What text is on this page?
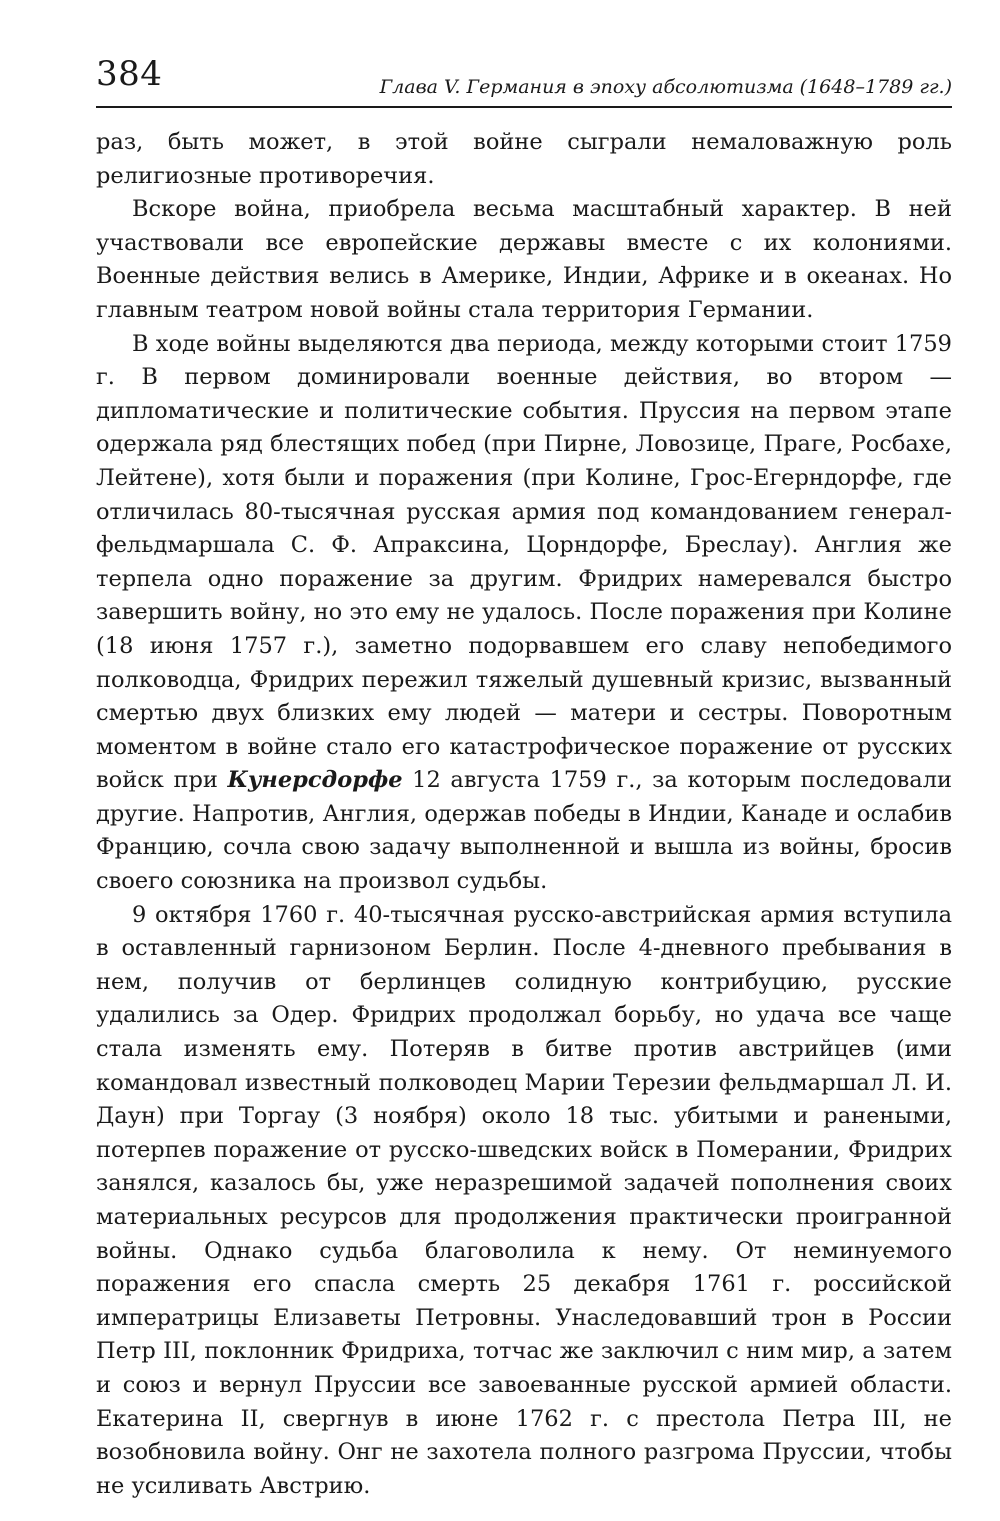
384	Глава V. Германия в эпоху абсолютизма (1648–1789 гг.)

раз, быть может, в этой войне сыграли немаловажную роль религиозные противоречия.

Вскоре война, приобрела весьма масштабный характер. В ней участвовали все европейские державы вместе с их колониями. Военные действия велись в Америке, Индии, Африке и в океанах. Но главным театром новой войны стала территория Германии.

В ходе войны выделяются два периода, между которыми стоит 1759 г. В первом доминировали военные действия, во втором — дипломатические и политические события. Пруссия на первом этапе одержала ряд блестящих побед (при Пирне, Ловозице, Праге, Росбахе, Лейтене), хотя были и поражения (при Колине, Грос-Егерндорфе, где отличилась 80-тысячная русская армия под командованием генерал-фельдмаршала С. Ф. Апраксина, Цорндорфе, Бреслау). Англия же терпела одно поражение за другим. Фридрих намеревался быстро завершить войну, но это ему не удалось. После поражения при Колине (18 июня 1757 г.), заметно подорвавшем его славу непобедимого полководца, Фридрих пережил тяжелый душевный кризис, вызванный смертью двух близких ему людей — матери и сестры. Поворотным моментом в войне стало его катастрофическое поражение от русских войск при Кунерсдорфе 12 августа 1759 г., за которым последовали другие. Напротив, Англия, одержав победы в Индии, Канаде и ослабив Францию, сочла свою задачу выполненной и вышла из войны, бросив своего союзника на произвол судьбы.

9 октября 1760 г. 40-тысячная русско-австрийская армия вступила в оставленный гарнизоном Берлин. После 4-дневного пребывания в нем, получив от берлинцев солидную контрибуцию, русские удалились за Одер. Фридрих продолжал борьбу, но удача все чаще стала изменять ему. Потеряв в битве против австрийцев (ими командовал известный полководец Марии Терезии фельдмаршал Л. И. Даун) при Торгау (3 ноября) около 18 тыс. убитыми и ранеными, потерпев поражение от русско-шведских войск в Померании, Фридрих занялся, казалось бы, уже неразрешимой задачей пополнения своих материальных ресурсов для продолжения практически проигранной войны. Однако судьба благоволила к нему. От неминуемого поражения его спасла смерть 25 декабря 1761 г. российской императрицы Елизаветы Петровны. Унаследовавший трон в России Петр III, поклонник Фридриха, тотчас же заключил с ним мир, а затем и союз и вернул Пруссии все завоеванные русской армией области. Екатерина II, свергнув в июне 1762 г. с престола Петра III, не возобновила войну. Онг не захотела полного разгрома Пруссии, чтобы не усиливать Австрию.
